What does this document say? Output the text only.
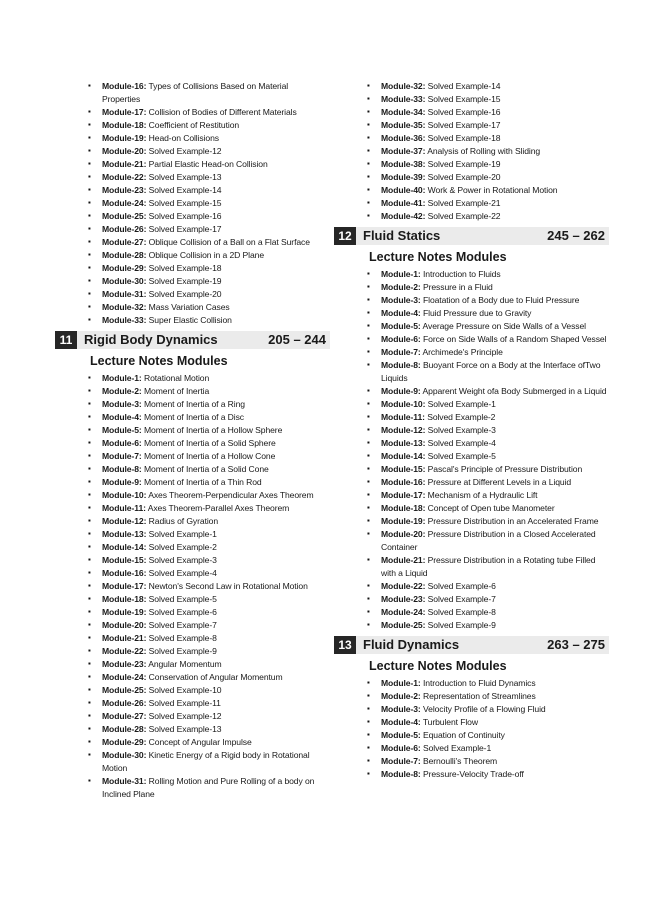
▪ Module-16: Types of Collisions Based on Material Properties
▪ Module-17: Collision of Bodies of Different Materials
▪ Module-18: Coefficient of Restitution
▪ Module-19: Head-on Collisions
▪ Module-20: Solved Example-12
▪ Module-21: Partial Elastic Head-on Collision
▪ Module-22: Solved Example-13
▪ Module-23: Solved Example-14
▪ Module-24: Solved Example-15
▪ Module-25: Solved Example-16
▪ Module-26: Solved Example-17
▪ Module-27: Oblique Collision of a Ball on a Flat Surface
▪ Module-28: Oblique Collision in a 2D Plane
▪ Module-29: Solved Example-18
▪ Module-30: Solved Example-19
▪ Module-31: Solved Example-20
▪ Module-32: Mass Variation Cases
▪ Module-33: Super Elastic Collision
11 Rigid Body Dynamics	205 – 244
Lecture Notes Modules
▪ Module-1: Rotational Motion
▪ Module-2: Moment of Inertia
▪ Module-3: Moment of Inertia of a Ring
▪ Module-4: Moment of Inertia of a Disc
▪ Module-5: Moment of Inertia of a Hollow Sphere
▪ Module-6: Moment of Inertia of a Solid Sphere
▪ Module-7: Moment of Inertia of a Hollow Cone
▪ Module-8: Moment of Inertia of a Solid Cone
▪ Module-9: Moment of Inertia of a Thin Rod
▪ Module-10: Axes Theorem-Perpendicular Axes Theorem
▪ Module-11: Axes Theorem-Parallel Axes Theorem
▪ Module-12: Radius of Gyration
▪ Module-13: Solved Example-1
▪ Module-14: Solved Example-2
▪ Module-15: Solved Example-3
▪ Module-16: Solved Example-4
▪ Module-17: Newton's Second Law in Rotational Motion
▪ Module-18: Solved Example-5
▪ Module-19: Solved Example-6
▪ Module-20: Solved Example-7
▪ Module-21: Solved Example-8
▪ Module-22: Solved Example-9
▪ Module-23: Angular Momentum
▪ Module-24: Conservation of Angular Momentum
▪ Module-25: Solved Example-10
▪ Module-26: Solved Example-11
▪ Module-27: Solved Example-12
▪ Module-28: Solved Example-13
▪ Module-29: Concept of Angular Impulse
▪ Module-30: Kinetic Energy of a Rigid body in Rotational Motion
▪ Module-31: Rolling Motion and Pure Rolling of a body on Inclined Plane
▪ Module-32: Solved Example-14
▪ Module-33: Solved Example-15
▪ Module-34: Solved Example-16
▪ Module-35: Solved Example-17
▪ Module-36: Solved Example-18
▪ Module-37: Analysis of Rolling with Sliding
▪ Module-38: Solved Example-19
▪ Module-39: Solved Example-20
▪ Module-40: Work & Power in Rotational Motion
▪ Module-41: Solved Example-21
▪ Module-42: Solved Example-22
12 Fluid Statics	245 – 262
Lecture Notes Modules
▪ Module-1: Introduction to Fluids
▪ Module-2: Pressure in a Fluid
▪ Module-3: Floatation of a Body due to Fluid Pressure
▪ Module-4: Fluid Pressure due to Gravity
▪ Module-5: Average Pressure on Side Walls of a Vessel
▪ Module-6: Force on Side Walls of a Random Shaped Vessel
▪ Module-7: Archimede's Principle
▪ Module-8: Buoyant Force on a Body at the Interface ofTwo Liquids
▪ Module-9: Apparent Weight ofa Body Submerged in a Liquid
▪ Module-10: Solved Example-1
▪ Module-11: Solved Example-2
▪ Module-12: Solved Example-3
▪ Module-13: Solved Example-4
▪ Module-14: Solved Example-5
▪ Module-15: Pascal's Principle of Pressure Distribution
▪ Module-16: Pressure at Different Levels in a Liquid
▪ Module-17: Mechanism of a Hydraulic Lift
▪ Module-18: Concept of Open tube Manometer
▪ Module-19: Pressure Distribution in an Accelerated Frame
▪ Module-20: Pressure Distribution in a Closed Accelerated Container
▪ Module-21: Pressure Distribution in a Rotating tube Filled with a Liquid
▪ Module-22: Solved Example-6
▪ Module-23: Solved Example-7
▪ Module-24: Solved Example-8
▪ Module-25: Solved Example-9
13 Fluid Dynamics	263 – 275
Lecture Notes Modules
▪ Module-1: Introduction to Fluid Dynamics
▪ Module-2: Representation of Streamlines
▪ Module-3: Velocity Profile of a Flowing Fluid
▪ Module-4: Turbulent Flow
▪ Module-5: Equation of Continuity
▪ Module-6: Solved Example-1
▪ Module-7: Bernoulli's Theorem
▪ Module-8: Pressure-Velocity Trade-off
